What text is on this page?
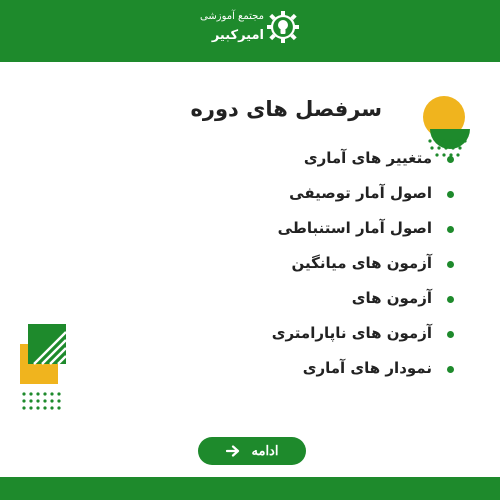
مجتمع آموزشی
امیرکبیر
سرفصل های دوره
متغییر های آماری
اصول آمار توصیفی
اصول آمار استنباطی
آزمون های میانگین
آزمون های
آزمون های ناپارامتری
نمودار های آماری
ادامه
